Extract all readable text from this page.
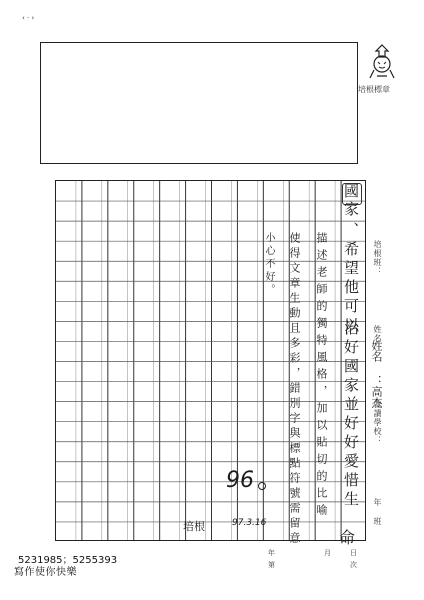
‹ · ›
培根標章
國家
、希望他可以
治好國家並好好愛惜生
命
描述老師的獨特風格，加以貼切的比喻
使得文章生動且多彩，錯別字與標點符號需留意
小心不好。
96
培根	97.3.16
培根班：
姓名
姓名 ：高杰
就讀學校：
年 班
年	月	日
第	次
5231985；5255393
寫作使你快樂
